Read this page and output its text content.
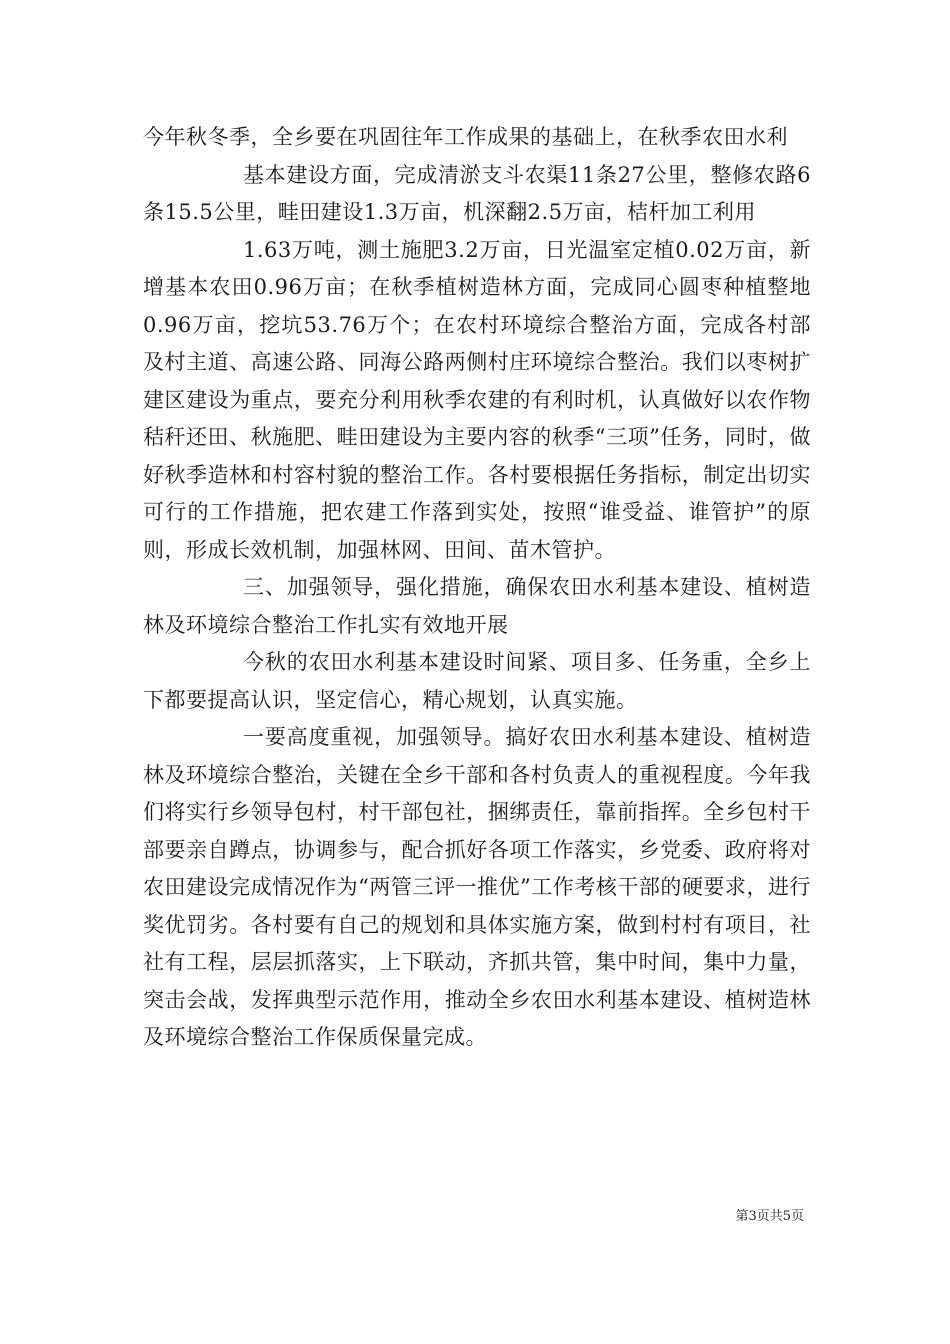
今年秋冬季，全乡要在巩固往年工作成果的基础上，在秋季农田水利

基本建设方面，完成清淤支斗农渠11条27公里，整修农路6条15.5公里，畦田建设1.3万亩，机深翻2.5万亩，桔杆加工利用

1.63万吨，测土施肥3.2万亩，日光温室定植0.02万亩，新增基本农田0.96万亩；在秋季植树造林方面，完成同心圆枣种植整地0.96万亩，挖坑53.76万个；在农村环境综合整治方面，完成各村部及村主道、高速公路、同海公路两侧村庄环境综合整治。我们以枣树扩建区建设为重点，要充分利用秋季农建的有利时机，认真做好以农作物秸秆还田、秋施肥、畦田建设为主要内容的秋季“三项”任务，同时，做好秋季造林和村容村貌的整治工作。各村要根据任务指标，制定出切实可行的工作措施，把农建工作落到实处，按照“谁受益、谁管护”的原则，形成长效机制，加强林网、田间、苗木管护。

三、加强领导，强化措施，确保农田水利基本建设、植树造林及环境综合整治工作扎实有效地开展

今秋的农田水利基本建设时间紧、项目多、任务重，全乡上下都要提高认识，坚定信心，精心规划，认真实施。

一要高度重视，加强领导。搞好农田水利基本建设、植树造林及环境综合整治，关键在全乡干部和各村负责人的重视程度。今年我们将实行乡领导包村，村干部包社，捆绑责任，靠前指挥。全乡包村干部要亲自蹲点，协调参与，配合抓好各项工作落实，乡党委、政府将对农田建设完成情况作为“两管三评一推优”工作考核干部的硬要求，进行奖优罚劣。各村要有自己的规划和具体实施方案，做到村村有项目，社社有工程，层层抓落实，上下联动，齐抓共管，集中时间，集中力量，突击会战，发挥典型示范作用，推动全乡农田水利基本建设、植树造林及环境综合整治工作保质保量完成。

第3页共5页
